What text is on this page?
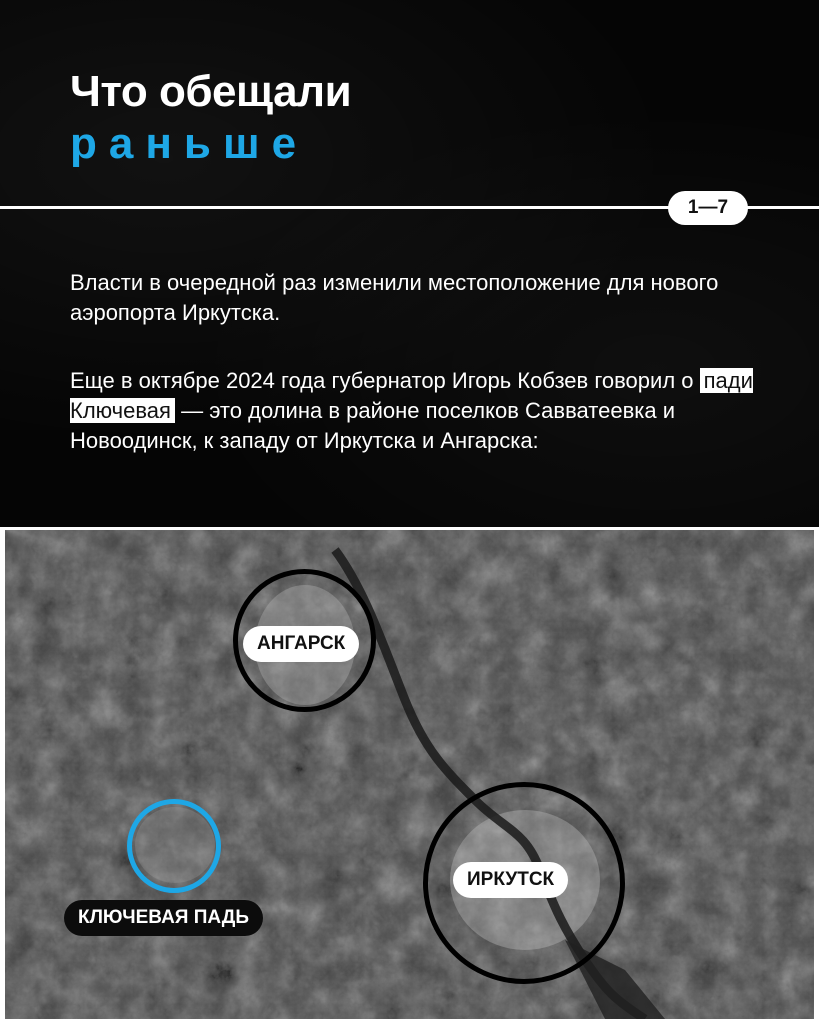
Что обещали
раньше
1—7

Власти в очередной раз изменили местоположение для нового аэропорта Иркутска.

Еще в октябре 2024 года губернатор Игорь Кобзев говорил о пади Ключевая — это долина в районе поселков Савватеевка и Новоодинск, к западу от Иркутска и Ангарска:

АНГАРСК
ИРКУТСК
КЛЮЧЕВАЯ ПАДЬ
